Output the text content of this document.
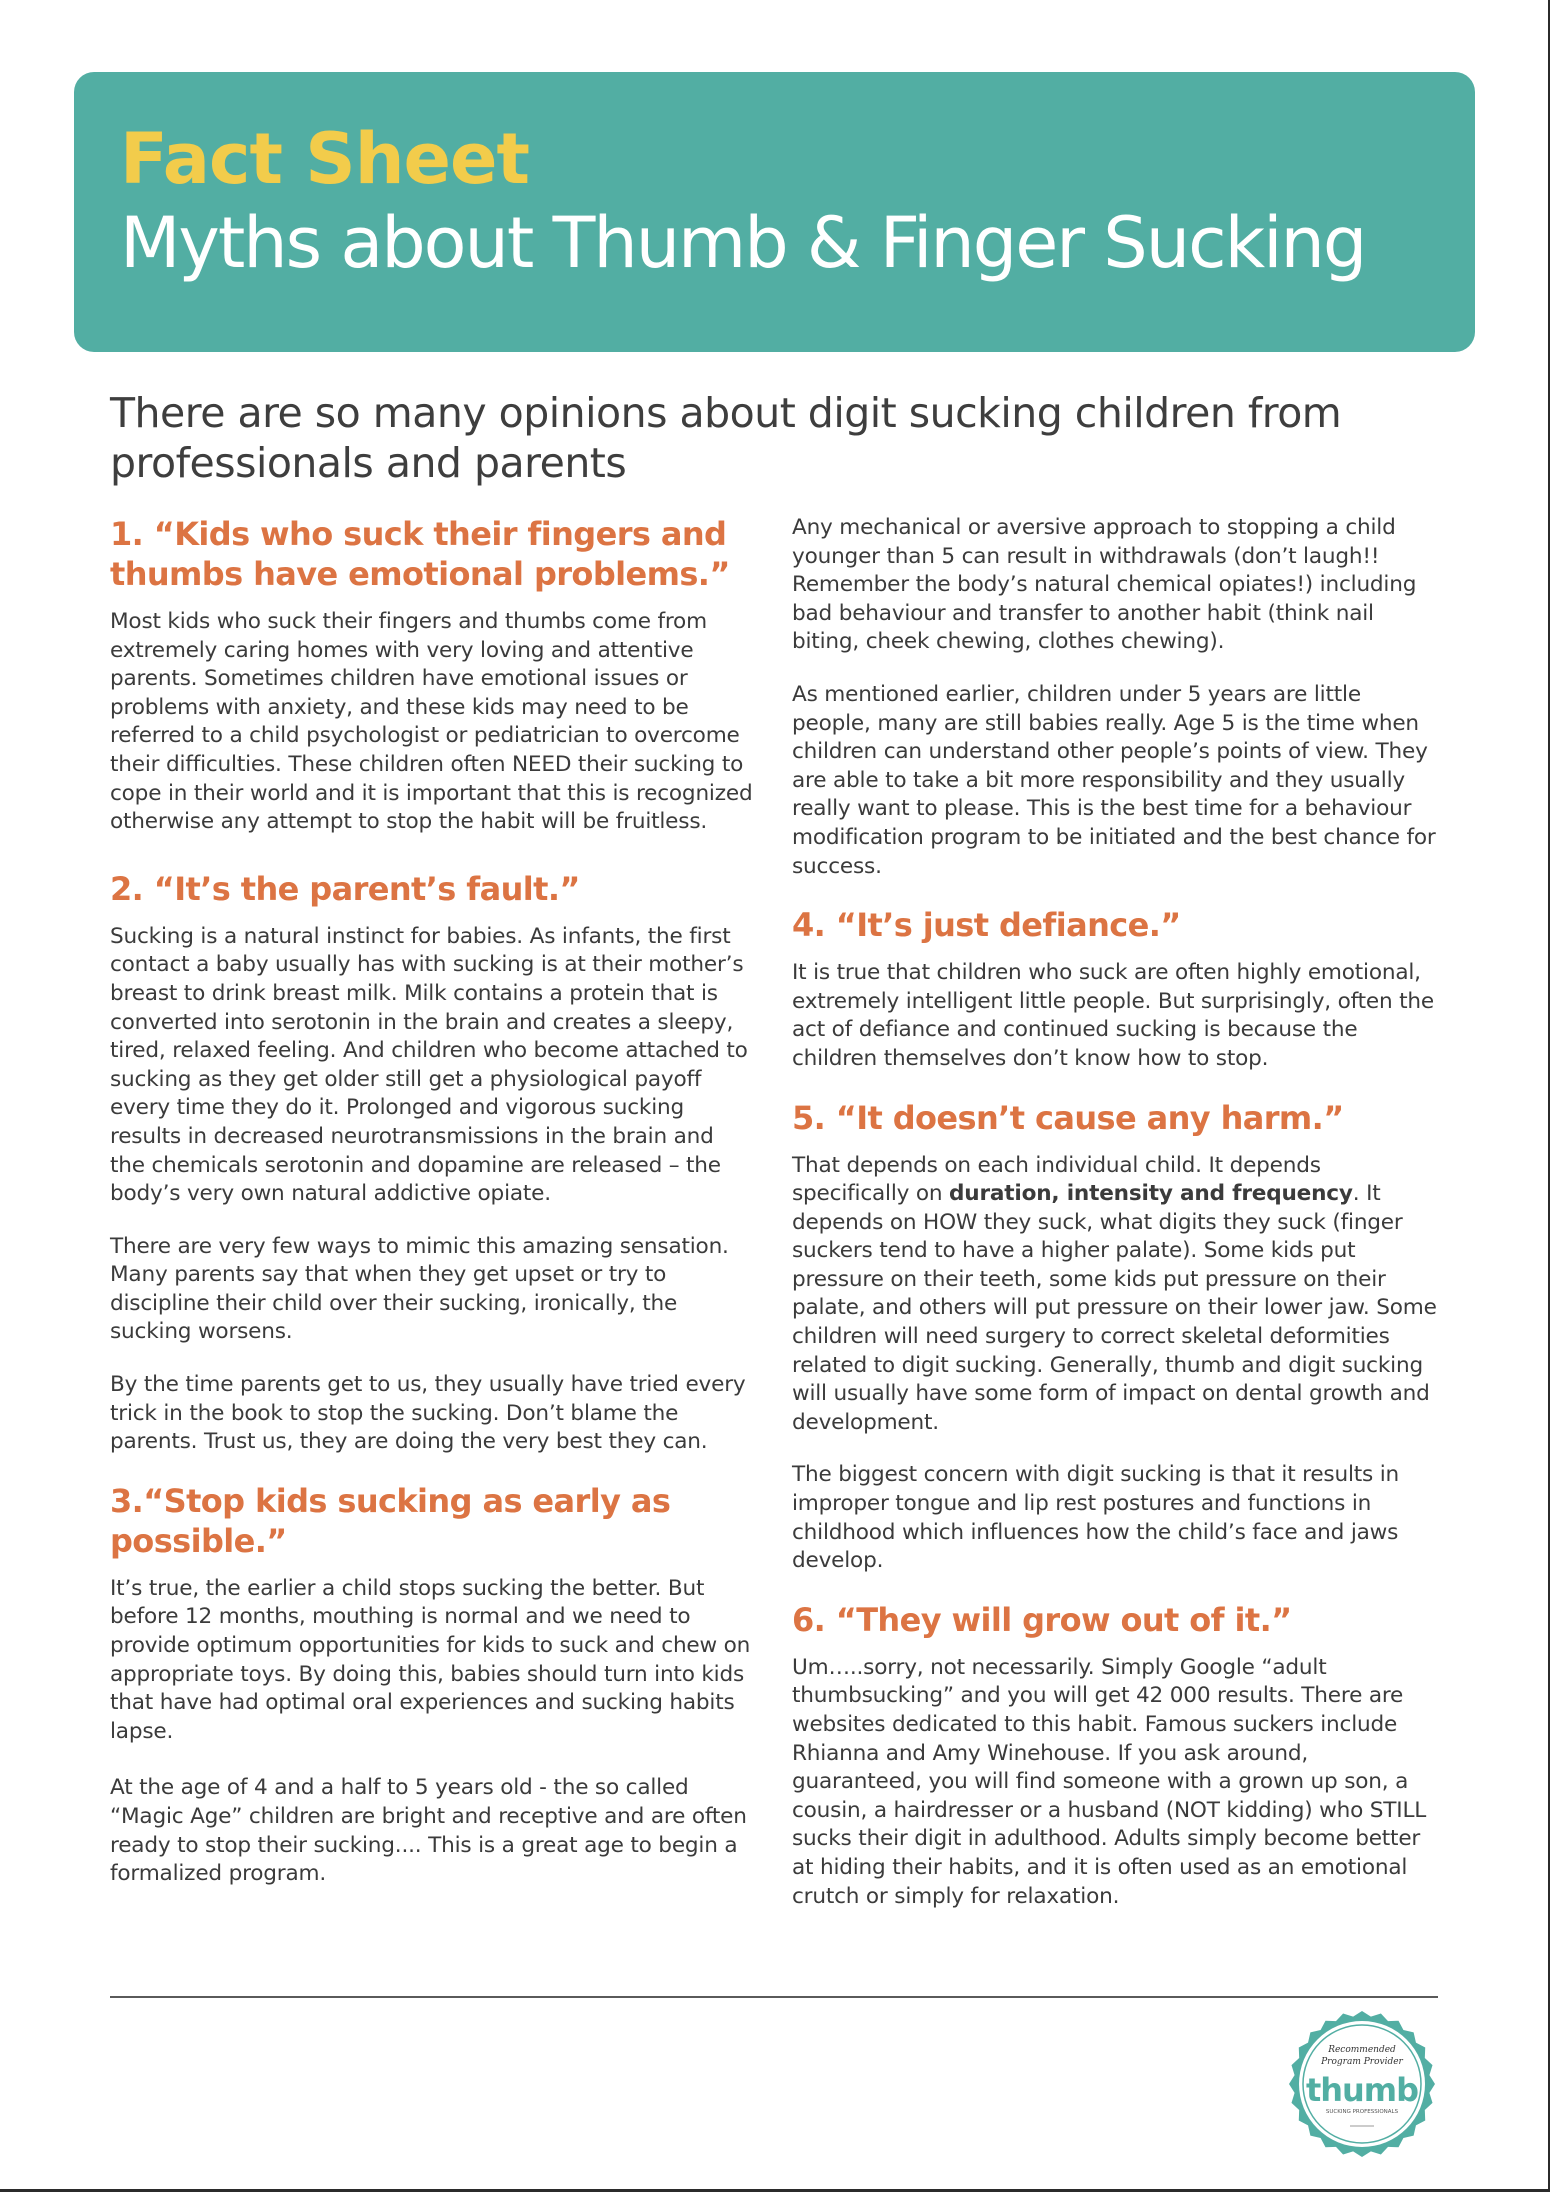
Fact Sheet
Myths about Thumb & Finger Sucking
There are so many opinions about digit sucking children from professionals and parents
1. “Kids who suck their fingers and thumbs have emotional problems.”

Most kids who suck their fingers and thumbs come from extremely caring homes with very loving and attentive parents. Sometimes children have emotional issues or problems with anxiety, and these kids may need to be referred to a child psychologist or pediatrician to overcome their difficulties. These children often NEED their sucking to cope in their world and it is important that this is recognized otherwise any attempt to stop the habit will be fruitless.

2. “It’s the parent’s fault.”

Sucking is a natural instinct for babies. As infants, the first contact a baby usually has with sucking is at their mother’s breast to drink breast milk. Milk contains a protein that is converted into serotonin in the brain and creates a sleepy, tired, relaxed feeling. And children who become attached to sucking as they get older still get a physiological payoff every time they do it. Prolonged and vigorous sucking results in decreased neurotransmissions in the brain and the chemicals serotonin and dopamine are released – the body’s very own natural addictive opiate.

There are very few ways to mimic this amazing sensation. Many parents say that when they get upset or try to discipline their child over their sucking, ironically, the sucking worsens.

By the time parents get to us, they usually have tried every trick in the book to stop the sucking. Don’t blame the parents. Trust us, they are doing the very best they can.

3.“Stop kids sucking as early as possible.”

It’s true, the earlier a child stops sucking the better. But before 12 months, mouthing is normal and we need to provide optimum opportunities for kids to suck and chew on appropriate toys. By doing this, babies should turn into kids that have had optimal oral experiences and sucking habits lapse.

At the age of 4 and a half to 5 years old - the so called “Magic Age” children are bright and receptive and are often ready to stop their sucking.... This is a great age to begin a formalized program.

Any mechanical or aversive approach to stopping a child younger than 5 can result in withdrawals (don’t laugh!! Remember the body’s natural chemical opiates!) including bad behaviour and transfer to another habit (think nail biting, cheek chewing, clothes chewing).

As mentioned earlier, children under 5 years are little people, many are still babies really. Age 5 is the time when children can understand other people’s points of view. They are able to take a bit more responsibility and they usually really want to please. This is the best time for a behaviour modification program to be initiated and the best chance for success.

4. “It’s just defiance.”

It is true that children who suck are often highly emotional, extremely intelligent little people. But surprisingly, often the act of defiance and continued sucking is because the children themselves don’t know how to stop.

5. “It doesn’t cause any harm.”

That depends on each individual child. It depends specifically on duration, intensity and frequency. It depends on HOW they suck, what digits they suck (finger suckers tend to have a higher palate). Some kids put pressure on their teeth, some kids put pressure on their palate, and others will put pressure on their lower jaw. Some children will need surgery to correct skeletal deformities related to digit sucking. Generally, thumb and digit sucking will usually have some form of impact on dental growth and development.

The biggest concern with digit sucking is that it results in improper tongue and lip rest postures and functions in childhood which influences how the child’s face and jaws develop.

6. “They will grow out of it.”

Um…..sorry, not necessarily. Simply Google “adult thumbsucking” and you will get 42 000 results. There are websites dedicated to this habit. Famous suckers include Rhianna and Amy Winehouse. If you ask around, guaranteed, you will find someone with a grown up son, a cousin, a hairdresser or a husband (NOT kidding) who STILL sucks their digit in adulthood. Adults simply become better at hiding their habits, and it is often used as an emotional crutch or simply for relaxation.

Recommended
Program Provider
thumb
SUCKING PROFESSIONALS
